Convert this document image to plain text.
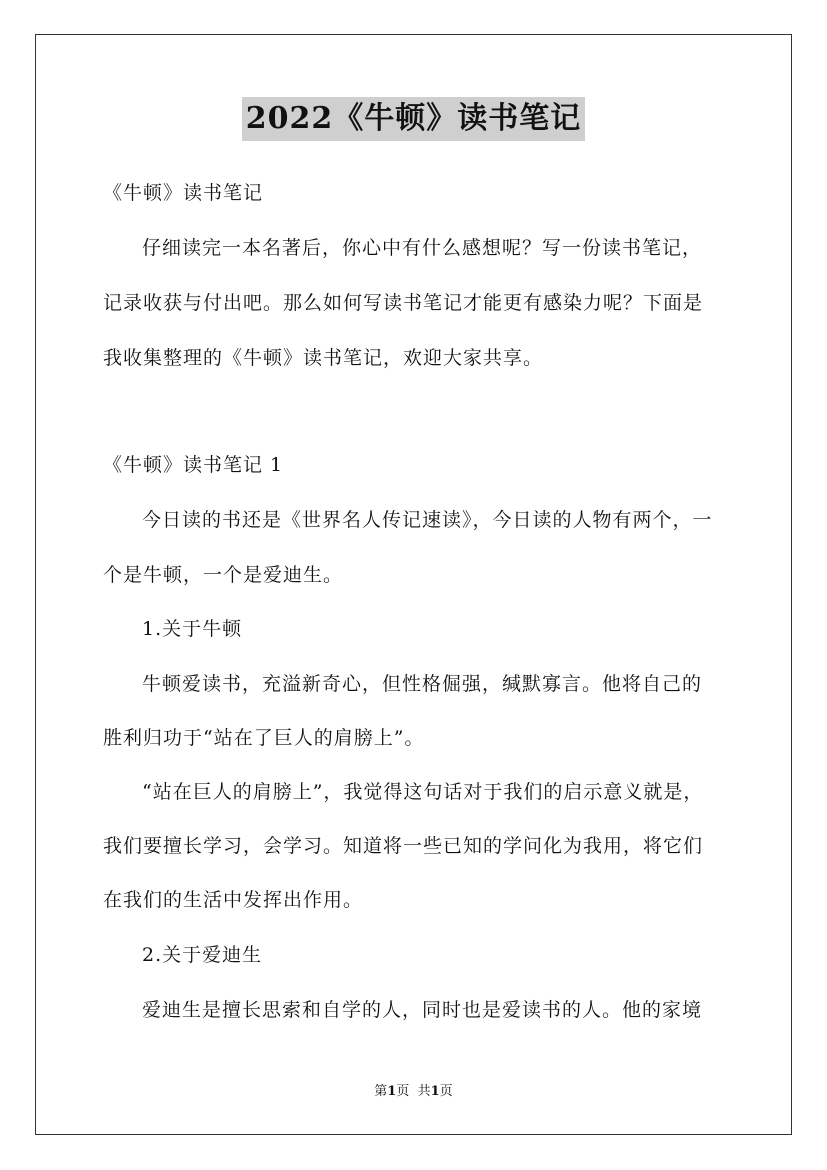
2022《牛顿》读书笔记
《牛顿》读书笔记
仔细读完一本名著后，你心中有什么感想呢？写一份读书笔记，
记录收获与付出吧。那么如何写读书笔记才能更有感染力呢？下面是
我收集整理的《牛顿》读书笔记，欢迎大家共享。
《牛顿》读书笔记 1
今日读的书还是《世界名人传记速读》，今日读的人物有两个，一
个是牛顿，一个是爱迪生。
1.关于牛顿
牛顿爱读书，充溢新奇心，但性格倔强，缄默寡言。他将自己的
胜利归功于“站在了巨人的肩膀上”。
“站在巨人的肩膀上”，我觉得这句话对于我们的启示意义就是，
我们要擅长学习，会学习。知道将一些已知的学问化为我用，将它们
在我们的生活中发挥出作用。
2.关于爱迪生
爱迪生是擅长思索和自学的人，同时也是爱读书的人。他的家境
第1页 共1页
